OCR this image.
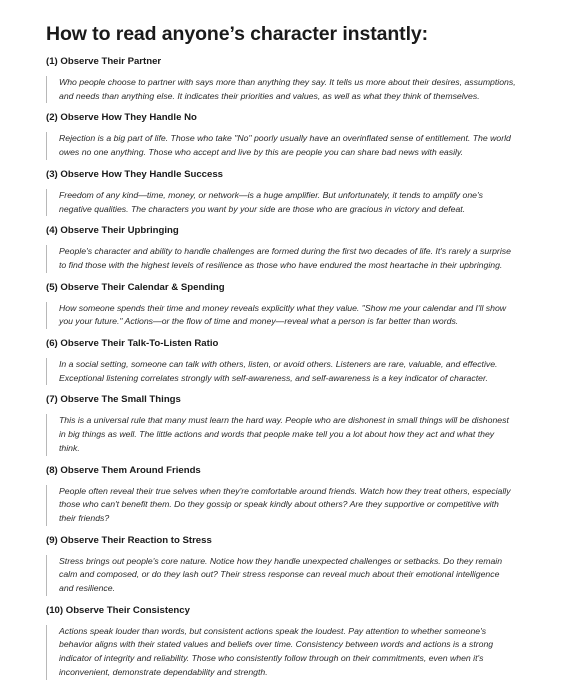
How to read anyone’s character instantly:
(1) Observe Their Partner
Who people choose to partner with says more than anything they say. It tells us more about their desires, assumptions, and needs than anything else. It indicates their priorities and values, as well as what they think of themselves.
(2) Observe How They Handle No
Rejection is a big part of life. Those who take "No" poorly usually have an overinflated sense of entitlement. The world owes no one anything. Those who accept and live by this are people you can share bad news with easily.
(3) Observe How They Handle Success
Freedom of any kind—time, money, or network—is a huge amplifier. But unfortunately, it tends to amplify one's negative qualities. The characters you want by your side are those who are gracious in victory and defeat.
(4) Observe Their Upbringing
People's character and ability to handle challenges are formed during the first two decades of life. It's rarely a surprise to find those with the highest levels of resilience as those who have endured the most heartache in their upbringing.
(5) Observe Their Calendar & Spending
How someone spends their time and money reveals explicitly what they value. "Show me your calendar and I'll show you your future." Actions—or the flow of time and money—reveal what a person is far better than words.
(6) Observe Their Talk-To-Listen Ratio
In a social setting, someone can talk with others, listen, or avoid others. Listeners are rare, valuable, and effective. Exceptional listening correlates strongly with self-awareness, and self-awareness is a key indicator of character.
(7) Observe The Small Things
This is a universal rule that many must learn the hard way. People who are dishonest in small things will be dishonest in big things as well. The little actions and words that people make tell you a lot about how they act and what they think.
(8) Observe Them Around Friends
People often reveal their true selves when they're comfortable around friends. Watch how they treat others, especially those who can't benefit them. Do they gossip or speak kindly about others? Are they supportive or competitive with their friends?
(9) Observe Their Reaction to Stress
Stress brings out people's core nature. Notice how they handle unexpected challenges or setbacks. Do they remain calm and composed, or do they lash out? Their stress response can reveal much about their emotional intelligence and resilience.
(10) Observe Their Consistency
Actions speak louder than words, but consistent actions speak the loudest. Pay attention to whether someone's behavior aligns with their stated values and beliefs over time. Consistency between words and actions is a strong indicator of integrity and reliability. Those who consistently follow through on their commitments, even when it's inconvenient, demonstrate dependability and strength.
